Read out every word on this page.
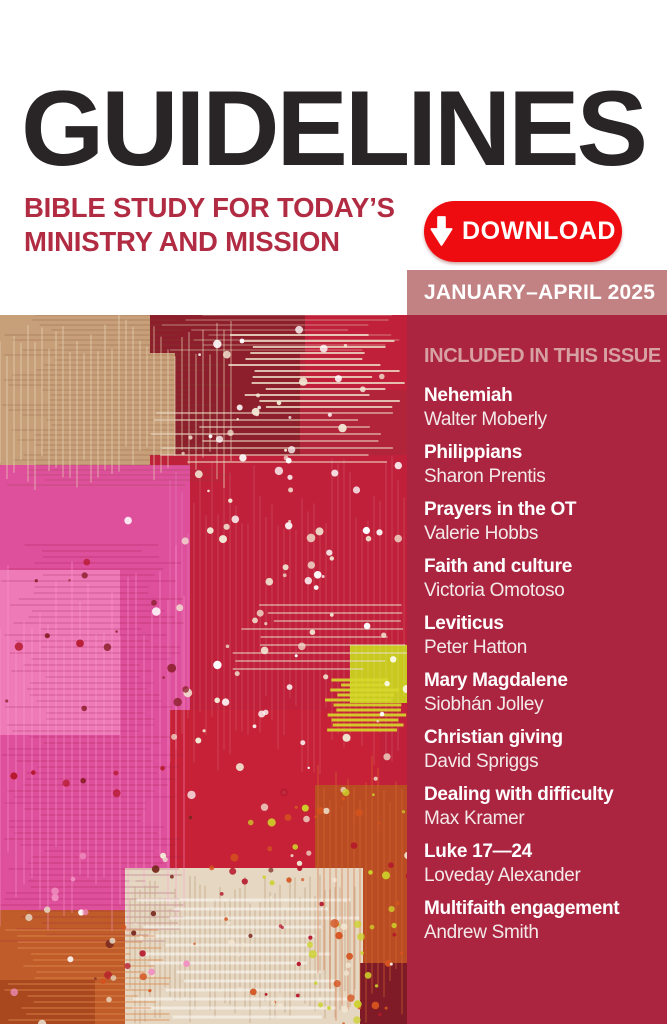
GUIDELINES
BIBLE STUDY FOR TODAY’S
MINISTRY AND MISSION	DOWNLOAD
JANUARY–APRIL 2025
INCLUDED IN THIS ISSUE
Nehemiah
Walter Moberly
Philippians
Sharon Prentis
Prayers in the OT
Valerie Hobbs
Faith and culture
Victoria Omotoso
Leviticus
Peter Hatton
Mary Magdalene
Siobhán Jolley
Christian giving
David Spriggs
Dealing with difficulty
Max Kramer
Luke 17—24
Loveday Alexander
Multifaith engagement
Andrew Smith
